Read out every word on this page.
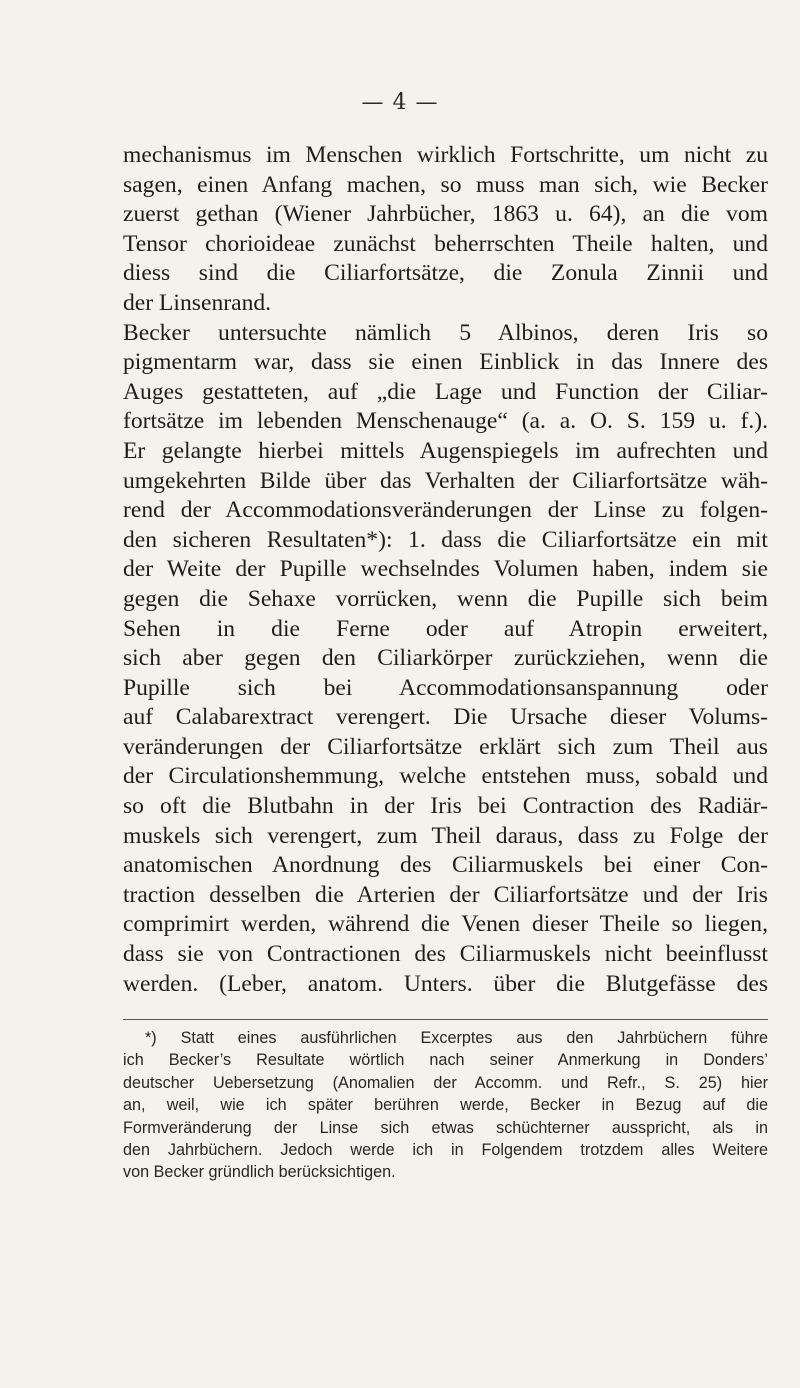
— 4 —
mechanismus im Menschen wirklich Fortschritte, um nicht zu
sagen, einen Anfang machen, so muss man sich, wie Becker
zuerst gethan (Wiener Jahrbücher, 1863 u. 64), an die vom
Tensor chorioideae zunächst beherrschten Theile halten, und
diess sind die Ciliarfortsätze, die Zonula Zinnii und
der Linsenrand.
Becker untersuchte nämlich 5 Albinos, deren Iris so
pigmentarm war, dass sie einen Einblick in das Innere des
Auges gestatteten, auf „die Lage und Function der Ciliar-
fortsätze im lebenden Menschenauge“ (a. a. O. S. 159 u. f.).
Er gelangte hierbei mittels Augenspiegels im aufrechten und
umgekehrten Bilde über das Verhalten der Ciliarfortsätze wäh-
rend der Accommodationsveränderungen der Linse zu folgen-
den sicheren Resultaten*): 1. dass die Ciliarfortsätze ein mit
der Weite der Pupille wechselndes Volumen haben, indem sie
gegen die Sehaxe vorrücken, wenn die Pupille sich beim
Sehen in die Ferne oder auf Atropin erweitert,
sich aber gegen den Ciliarkörper zurückziehen, wenn die
Pupille sich bei Accommodationsanspannung oder
auf Calabarextract verengert. Die Ursache dieser Volums-
veränderungen der Ciliarfortsätze erklärt sich zum Theil aus
der Circulationshemmung, welche entstehen muss, sobald und
so oft die Blutbahn in der Iris bei Contraction des Radiär-
muskels sich verengert, zum Theil daraus, dass zu Folge der
anatomischen Anordnung des Ciliarmuskels bei einer Con-
traction desselben die Arterien der Ciliarfortsätze und der Iris
comprimirt werden, während die Venen dieser Theile so liegen,
dass sie von Contractionen des Ciliarmuskels nicht beeinflusst
werden. (Leber, anatom. Unters. über die Blutgefässe des
*) Statt eines ausführlichen Excerptes aus den Jahrbüchern führe
ich Becker’s Resultate wörtlich nach seiner Anmerkung in Donders’
deutscher Uebersetzung (Anomalien der Accomm. und Refr., S. 25) hier
an, weil, wie ich später berühren werde, Becker in Bezug auf die
Formveränderung der Linse sich etwas schüchterner ausspricht, als in
den Jahrbüchern. Jedoch werde ich in Folgendem trotzdem alles Weitere
von Becker gründlich berücksichtigen.
